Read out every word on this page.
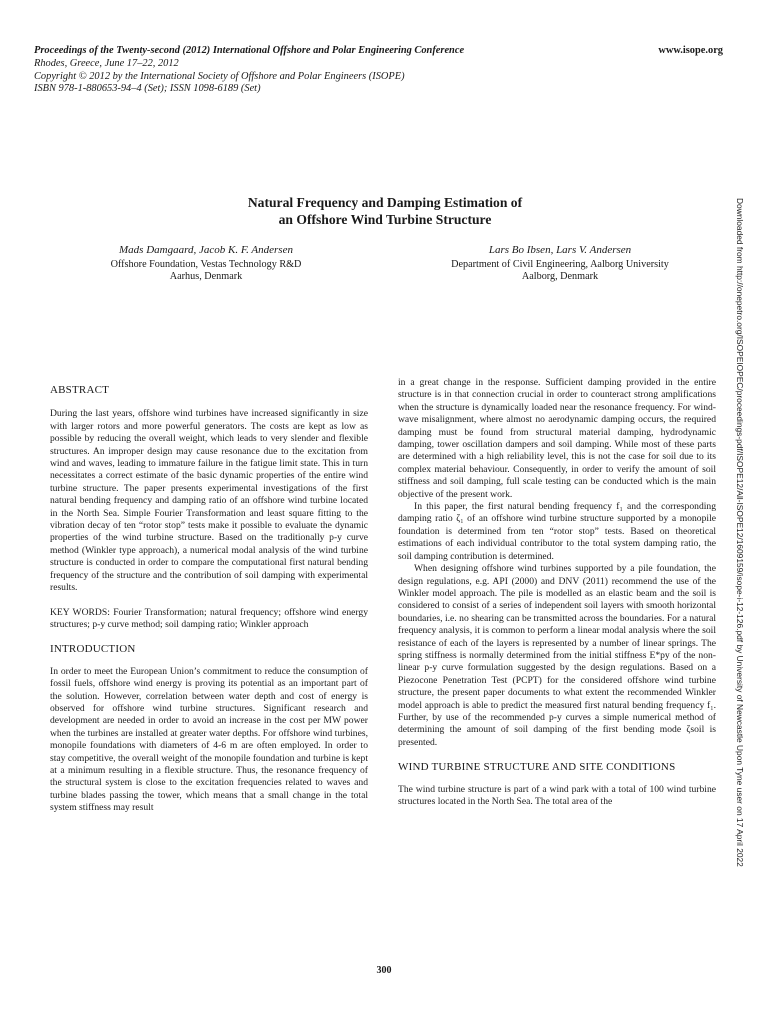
Proceedings of the Twenty-second (2012) International Offshore and Polar Engineering Conference
Rhodes, Greece, June 17–22, 2012
Copyright © 2012 by the International Society of Offshore and Polar Engineers (ISOPE)
ISBN 978-1-880653-94–4 (Set); ISSN 1098-6189 (Set)
www.isope.org
Natural Frequency and Damping Estimation of
an Offshore Wind Turbine Structure
Mads Damgaard, Jacob K. F. Andersen
Offshore Foundation, Vestas Technology R&D
Aarhus, Denmark
Lars Bo Ibsen, Lars V. Andersen
Department of Civil Engineering, Aalborg University
Aalborg, Denmark
ABSTRACT

During the last years, offshore wind turbines have increased significantly in size with larger rotors and more powerful generators. The costs are kept as low as possible by reducing the overall weight, which leads to very slender and flexible structures. An improper design may cause resonance due to the excitation from wind and waves, leading to immature failure in the fatigue limit state. This in turn necessitates a correct estimate of the basic dynamic properties of the entire wind turbine structure. The paper presents experimental investigations of the first natural bending frequency and damping ratio of an offshore wind turbine located in the North Sea. Simple Fourier Transformation and least square fitting to the vibration decay of ten “rotor stop” tests make it possible to evaluate the dynamic properties of the wind turbine structure. Based on the traditionally p-y curve method (Winkler type approach), a numerical modal analysis of the wind turbine structure is conducted in order to compare the computational first natural bending frequency of the structure and the contribution of soil damping with experimental results.

KEY WORDS: Fourier Transformation; natural frequency; offshore wind energy structures; p-y curve method; soil damping ratio; Winkler approach

INTRODUCTION

In order to meet the European Union’s commitment to reduce the consumption of fossil fuels, offshore wind energy is proving its potential as an important part of the solution. However, correlation between water depth and cost of energy is observed for offshore wind turbine structures. Significant research and development are needed in order to avoid an increase in the cost per MW power when the turbines are installed at greater water depths. For offshore wind turbines, monopile foundations with diameters of 4-6 m are often employed. In order to stay competitive, the overall weight of the monopile foundation and turbine is kept at a minimum resulting in a flexible structure. Thus, the resonance frequency of the structural system is close to the excitation frequencies related to waves and turbine blades passing the tower, which means that a small change in the total system stiffness may result

in a great change in the response. Sufficient damping provided in the entire structure is in that connection crucial in order to counteract strong amplifications when the structure is dynamically loaded near the resonance frequency. For wind-wave misalignment, where almost no aerodynamic damping occurs, the required damping must be found from structural material damping, hydrodynamic damping, tower oscillation dampers and soil damping. While most of these parts are determined with a high reliability level, this is not the case for soil due to its complex material behaviour. Consequently, in order to verify the amount of soil stiffness and soil damping, full scale testing can be conducted which is the main objective of the present work.

In this paper, the first natural bending frequency f₁ and the corresponding damping ratio ζ₁ of an offshore wind turbine structure supported by a monopile foundation is determined from ten “rotor stop” tests. Based on theoretical estimations of each individual contributor to the total system damping ratio, the soil damping contribution is determined.

When designing offshore wind turbines supported by a pile foundation, the design regulations, e.g. API (2000) and DNV (2011) recommend the use of the Winkler model approach. The pile is modelled as an elastic beam and the soil is considered to consist of a series of independent soil layers with smooth horizontal boundaries, i.e. no shearing can be transmitted across the boundaries. For a natural frequency analysis, it is common to perform a linear modal analysis where the soil resistance of each of the layers is represented by a number of linear springs. The spring stiffness is normally determined from the initial stiffness E*py of the non-linear p-y curve formulation suggested by the design regulations. Based on a Piezocone Penetration Test (PCPT) for the considered offshore wind turbine structure, the present paper documents to what extent the recommended Winkler model approach is able to predict the measured first natural bending frequency f₁. Further, by use of the recommended p-y curves a simple numerical method of determining the amount of soil damping of the first bending mode ζsoil is presented.

WIND TURBINE STRUCTURE AND SITE CONDITIONS

The wind turbine structure is part of a wind park with a total of 100 wind turbine structures located in the North Sea. The total area of the	Downloaded from http://onepetro.org/ISOPEIOPEC/proceedings-pdf/ISOPE12/All-ISOPE12/1609159/isope-i-12-126.pdf by University of Newcastle Upon Tyne user on 17 April 2022
300
